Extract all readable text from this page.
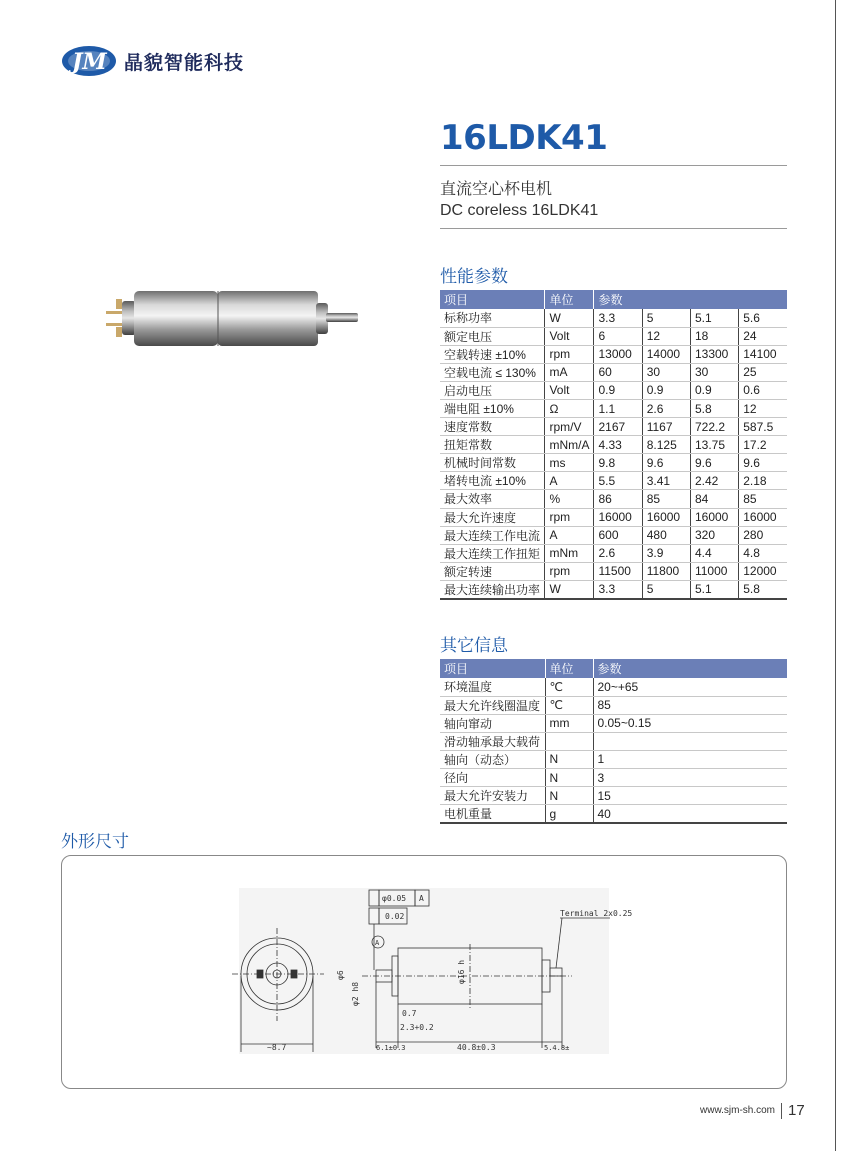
JM 晶貌智能科技
16LDK41
直流空心杯电机
DC coreless 16LDK41
性能参数
项目	单位	参数			
标称功率	W	3.3	5	5.1	5.6
额定电压	Volt	6	12	18	24
空载转速 ±10%	rpm	13000	14000	13300	14100
空载电流 ≤ 130%	mA	60	30	30	25
启动电压	Volt	0.9	0.9	0.9	0.6
端电阻 ±10%	Ω	1.1	2.6	5.8	12
速度常数	rpm/V	2167	1167	722.2	587.5
扭矩常数	mNm/A	4.33	8.125	13.75	17.2
机械时间常数	ms	9.8	9.6	9.6	9.6
堵转电流 ±10%	A	5.5	3.41	2.42	2.18
最大效率	%	86	85	84	85
最大允许速度	rpm	16000	16000	16000	16000
最大连续工作电流	A	600	480	320	280
最大连续工作扭矩	mNm	2.6	3.9	4.4	4.8
额定转速	rpm	11500	11800	11000	12000
最大连续输出功率	W	3.3	5	5.1	5.8
其它信息
项目	单位	参数
环境温度	℃	20~+65
最大允许线圈温度	℃	85
轴向窜动	mm	0.05~0.15
滑动轴承最大载荷		
轴向（动态）	N	1
径向	N	3
最大允许安装力	N	15
电机重量	g	40
外形尺寸
~8.7
φ16 h
φ0.05 A
0.02
A
Terminal 2x0.25
φ6
φ2 h8
0.7
2.3+0.2
6.1±0.3	40.8±0.3	5.4.8±
www.sjm-sh.com 17
